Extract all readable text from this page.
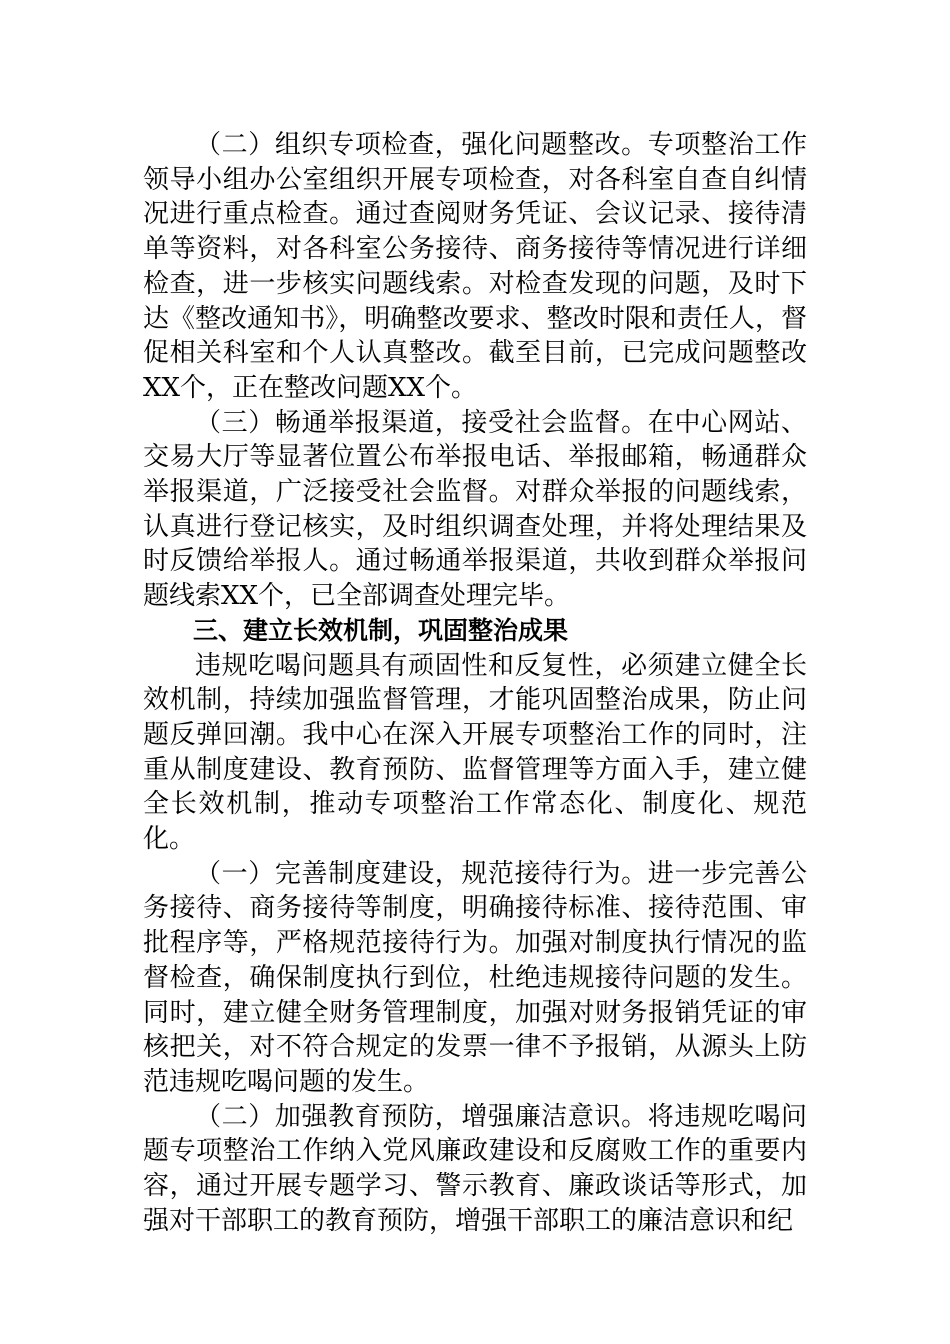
（二）组织专项检查，强化问题整改。专项整治工作领导小组办公室组织开展专项检查，对各科室自查自纠情况进行重点检查。通过查阅财务凭证、会议记录、接待清单等资料，对各科室公务接待、商务接待等情况进行详细检查，进一步核实问题线索。对检查发现的问题，及时下达《整改通知书》，明确整改要求、整改时限和责任人，督促相关科室和个人认真整改。截至目前，已完成问题整改XX个，正在整改问题XX个。

（三）畅通举报渠道，接受社会监督。在中心网站、交易大厅等显著位置公布举报电话、举报邮箱，畅通群众举报渠道，广泛接受社会监督。对群众举报的问题线索，认真进行登记核实，及时组织调查处理，并将处理结果及时反馈给举报人。通过畅通举报渠道，共收到群众举报问题线索XX个，已全部调查处理完毕。

三、建立长效机制，巩固整治成果

违规吃喝问题具有顽固性和反复性，必须建立健全长效机制，持续加强监督管理，才能巩固整治成果，防止问题反弹回潮。我中心在深入开展专项整治工作的同时，注重从制度建设、教育预防、监督管理等方面入手，建立健全长效机制，推动专项整治工作常态化、制度化、规范化。

（一）完善制度建设，规范接待行为。进一步完善公务接待、商务接待等制度，明确接待标准、接待范围、审批程序等，严格规范接待行为。加强对制度执行情况的监督检查，确保制度执行到位，杜绝违规接待问题的发生。同时，建立健全财务管理制度，加强对财务报销凭证的审核把关，对不符合规定的发票一律不予报销，从源头上防范违规吃喝问题的发生。

（二）加强教育预防，增强廉洁意识。将违规吃喝问题专项整治工作纳入党风廉政建设和反腐败工作的重要内容，通过开展专题学习、警示教育、廉政谈话等形式，加强对干部职工的教育预防，增强干部职工的廉洁意识和纪
